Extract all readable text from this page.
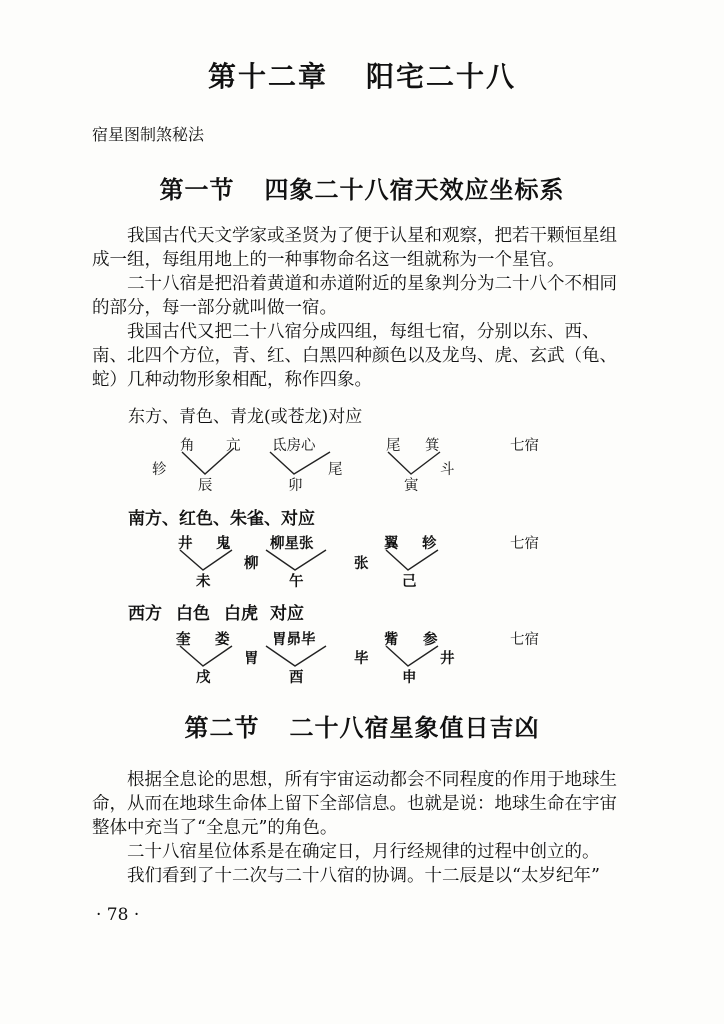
第十二章 阳宅二十八
宿星图制煞秘法
第一节 四象二十八宿天效应坐标系

我国古代天文学家或圣贤为了便于认星和观察，把若干颗恒星组成一组，每组用地上的一种事物命名这一组就称为一个星官。

二十八宿是把沿着黄道和赤道附近的星象判分为二十八个不相同的部分，每一部分就叫做一宿。

我国古代又把二十八宿分成四组，每组七宿，分别以东、西、南、北四个方位，青、红、白黑四种颜色以及龙鸟、虎、玄武（龟、蛇）几种动物形象相配，称作四象。

东方、青色、青龙(或苍龙)对应
角 亢 氐房心	尾 箕
轸	尾	斗
辰	卯	寅
七宿
南方、红色、朱雀、对应
井 鬼	柳星张	翼 轸
柳	张
未	午	己
七宿
西方 白色 白虎 对应
奎 娄	胃昴毕	觜 参
胃	毕	井
戌	酉	申
七宿
第二节 二十八宿星象值日吉凶

根据全息论的思想，所有宇宙运动都会不同程度的作用于地球生命，从而在地球生命体上留下全部信息。也就是说：地球生命在宇宙整体中充当了“全息元”的角色。

二十八宿星位体系是在确定日，月行经规律的过程中创立的。

我们看到了十二次与二十八宿的协调。十二辰是以“太岁纪年”

· 78 ·
